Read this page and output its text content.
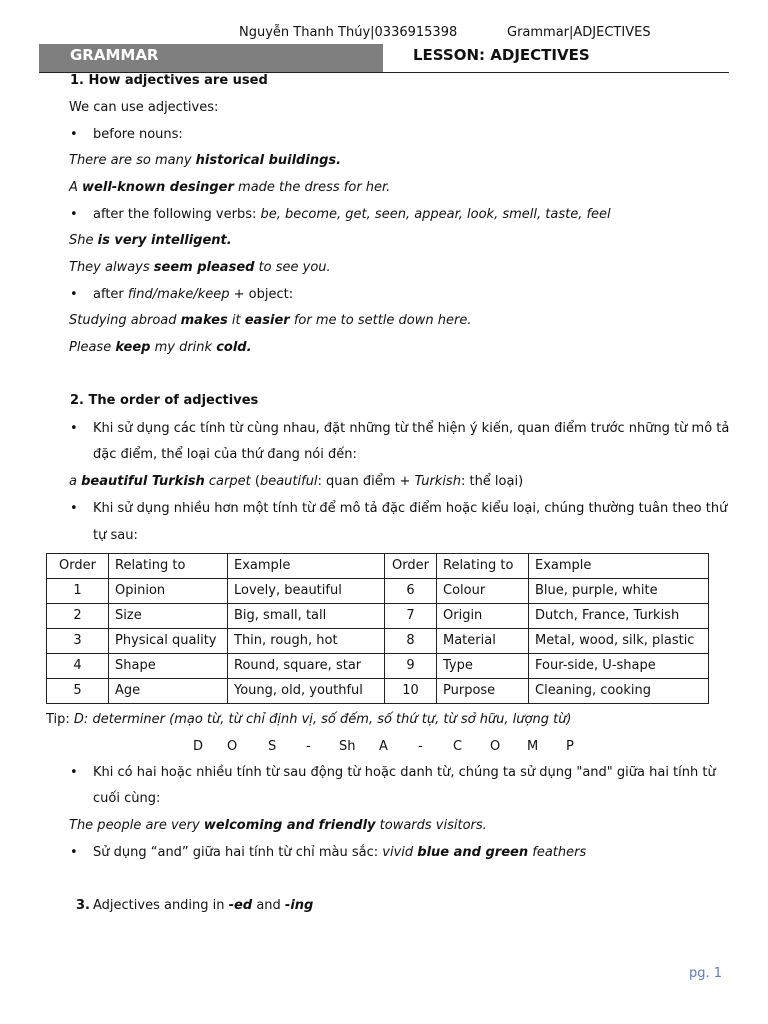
Nguyễn Thanh Thúy|0336915398	Grammar|ADJECTIVES
GRAMMAR	LESSON: ADJECTIVES
1. How adjectives are used
We can use adjectives:
• before nouns:
There are so many historical buildings.
A well-known desinger made the dress for her.
• after the following verbs: be, become, get, seen, appear, look, smell, taste, feel
She is very intelligent.
They always seem pleased to see you.
• after find/make/keep + object:
Studying abroad makes it easier for me to settle down here.
Please keep my drink cold.
2. The order of adjectives
• Khi sử dụng các tính từ cùng nhau, đặt những từ thể hiện ý kiến, quan điểm trước những từ mô tả
đặc điểm, thể loại của thứ đang nói đến:
a beautiful Turkish carpet (beautiful: quan điểm + Turkish: thể loại)
• Khi sử dụng nhiều hơn một tính từ để mô tả đặc điểm hoặc kiểu loại, chúng thường tuân theo thứ
tự sau:
Order	Relating to	Example	Order	Relating to	Example
1	Opinion	Lovely, beautiful	6	Colour	Blue, purple, white
2	Size	Big, small, tall	7	Origin	Dutch, France, Turkish
3	Physical quality	Thin, rough, hot	8	Material	Metal, wood, silk, plastic
4	Shape	Round, square, star	9	Type	Four-side, U-shape
5	Age	Young, old, youthful	10	Purpose	Cleaning, cooking
Tip: D: determiner (mạo từ, từ chỉ định vị, số đếm, số thứ tự, từ sở hữu, lượng từ)
D O S - Sh A - C O M P
• Khi có hai hoặc nhiều tính từ sau động từ hoặc danh từ, chúng ta sử dụng "and" giữa hai tính từ
cuối cùng:
The people are very welcoming and friendly towards visitors.
• Sử dụng “and” giữa hai tính từ chỉ màu sắc: vivid blue and green feathers
3. Adjectives anding in -ed and -ing
pg. 1
